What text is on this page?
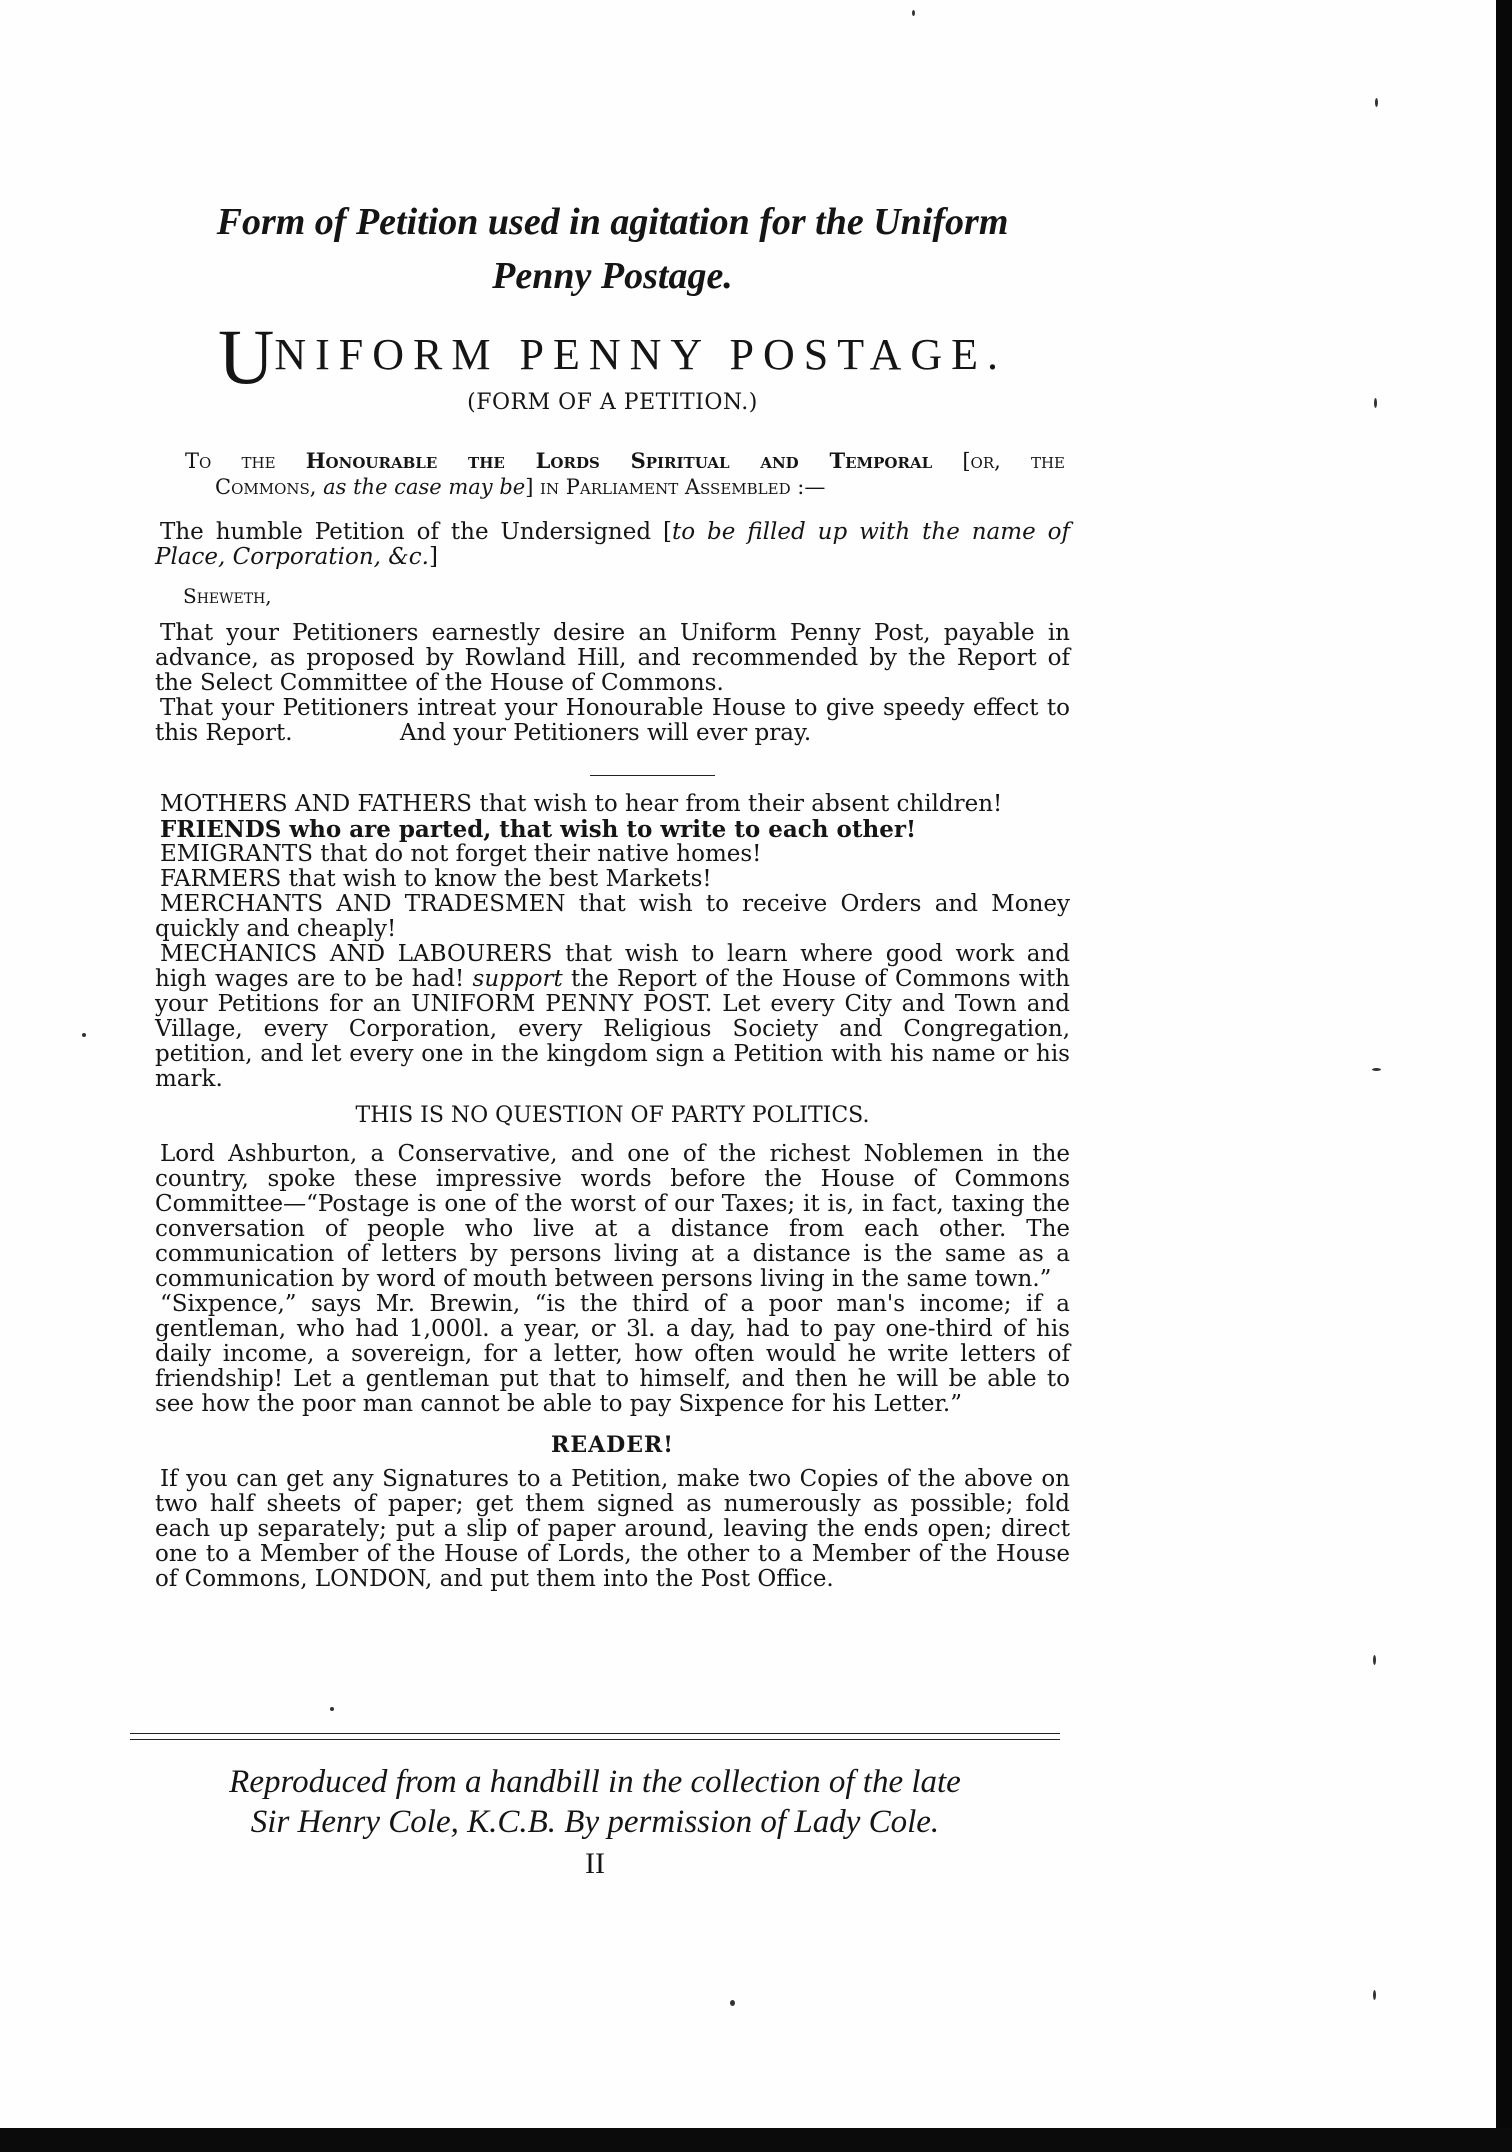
Form of Petition used in agitation for the Uniform
Penny Postage.
UNIFORM PENNY POSTAGE.

(FORM OF A PETITION.)

To the Honourable the Lords Spiritual and Temporal [or, the
Commons, as the case may be] in Parliament Assembled :—

The humble Petition of the Undersigned [to be filled up with the name of Place, Corporation, &c.]

Sheweth,

That your Petitioners earnestly desire an Uniform Penny Post, payable in advance, as proposed by Rowland Hill, and recommended by the Report of the Select Committee of the House of Commons.

That your Petitioners intreat your Honourable House to give speedy effect to this Report.	And your Petitioners will ever pray.

MOTHERS AND FATHERS that wish to hear from their absent children!

FRIENDS who are parted, that wish to write to each other!

EMIGRANTS that do not forget their native homes!

FARMERS that wish to know the best Markets!

MERCHANTS AND TRADESMEN that wish to receive Orders and Money quickly and cheaply!

MECHANICS AND LABOURERS that wish to learn where good work and high wages are to be had! support the Report of the House of Commons with your Petitions for an UNIFORM PENNY POST. Let every City and Town and Village, every Corporation, every Religious Society and Congregation, petition, and let every one in the kingdom sign a Petition with his name or his mark.

THIS IS NO QUESTION OF PARTY POLITICS.

Lord Ashburton, a Conservative, and one of the richest Noblemen in the country, spoke these impressive words before the House of Commons Committee—“Postage is one of the worst of our Taxes; it is, in fact, taxing the conversation of people who live at a distance from each other. The communication of letters by persons living at a distance is the same as a communication by word of mouth between persons living in the same town.”

“Sixpence,” says Mr. Brewin, “is the third of a poor man's income; if a gentleman, who had 1,000l. a year, or 3l. a day, had to pay one-third of his daily income, a sovereign, for a letter, how often would he write letters of friendship! Let a gentleman put that to himself, and then he will be able to see how the poor man cannot be able to pay Sixpence for his Letter.”

READER!

If you can get any Signatures to a Petition, make two Copies of the above on two half sheets of paper; get them signed as numerously as possible; fold each up separately; put a slip of paper around, leaving the ends open; direct one to a Member of the House of Lords, the other to a Member of the House of Commons, LONDON, and put them into the Post Office.

Reproduced from a handbill in the collection of the late
Sir Henry Cole, K.C.B. By permission of Lady Cole.

II
